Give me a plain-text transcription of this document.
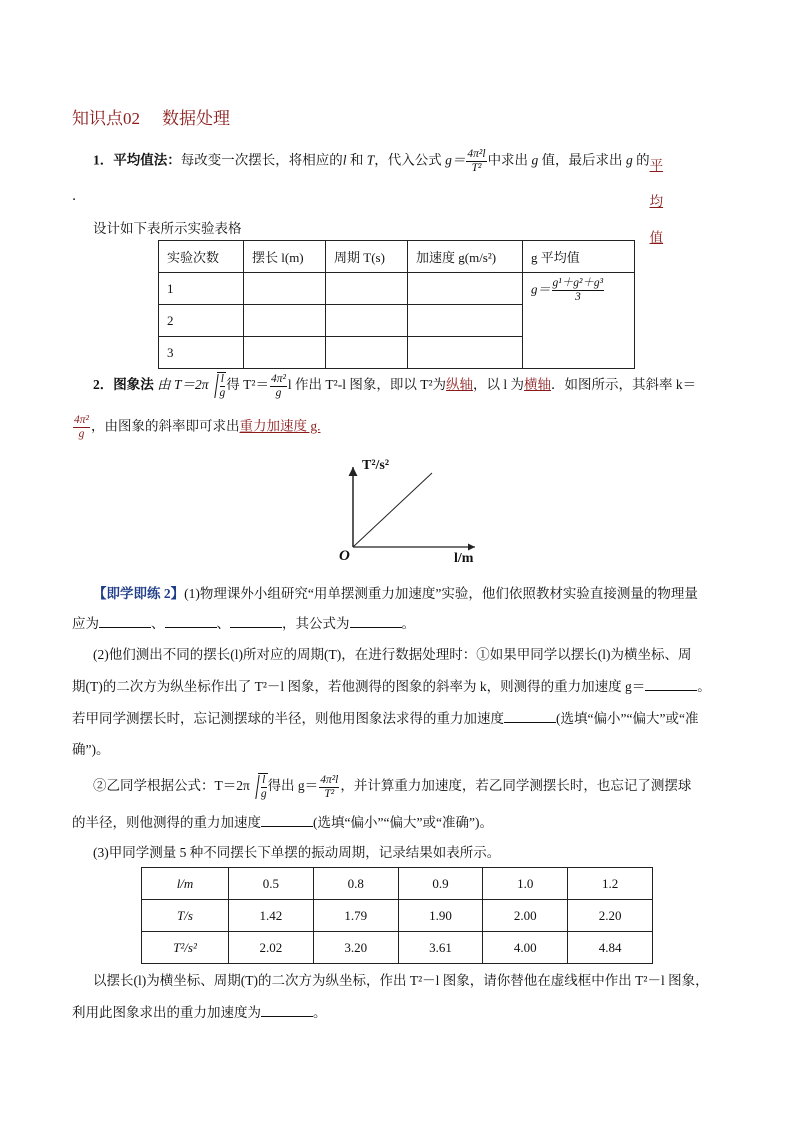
知识点02 数据处理
1．平均值法：每改变一次摆长，将相应的l 和 T，代入公式 $g= \frac{\text{4π²l}}{\text{T²}}$ 中求出 g 值，最后求出 g 的平均值
．
设计如下表所示实验表格
实验次数	摆长 l(m)	周期 T(s)	加速度 g(m/s²)	g 平均值
1				$g= \frac{\text{g¹＋g²＋g³}}{3}$

2				
3				
2．图象法 由 $T=2\pi \frac{l}{g}$ 得 $T^2= \frac{\text{4π²}}{g}$ l 作出 T²-l 图象，即以 T²为纵轴，以 l 为横轴．如图所示，其斜率 k＝
$\frac{\text{4π²}}{g}$ ，由图象的斜率即可求出重力加速度 g.
T²/s²
O	l/m
【即学即练 2】(1)物理课外小组研究“用单摆测重力加速度”实验，他们依照教材实验直接测量的物理量
应为	、	、	，其公式为	。
(2)他们测出不同的摆长(l)所对应的周期(T)，在进行数据处理时：①如果甲同学以摆长(l)为横坐标、周
期(T)的二次方为纵坐标作出了 T²－l 图象，若他测得的图象的斜率为 k，则测得的重力加速度 g＝	。
若甲同学测摆长时，忘记测摆球的半径，则他用图象法求得的重力加速度	(选填“偏小”“偏大”或“准
确”)。
②乙同学根据公式：$T=2\pi \frac{l}{g}$ 得出 $g= \frac{\text{4π²l}}{\text{T²}}$ ，并计算重力加速度，若乙同学测摆长时，也忘记了测摆球
的半径，则他测得的重力加速度	(选填“偏小”“偏大”或“准确”)。
(3)甲同学测量 5 种不同摆长下单摆的振动周期，记录结果如表所示。
l/m	0.5	0.8	0.9	1.0	1.2
T/s	1.42	1.79	1.90	2.00	2.20
T²/s²	2.02	3.20	3.61	4.00	4.84
以摆长(l)为横坐标、周期(T)的二次方为纵坐标，作出 T²－l 图象，请你替他在虚线框中作出 T²－l 图象，
利用此图象求出的重力加速度为	。
